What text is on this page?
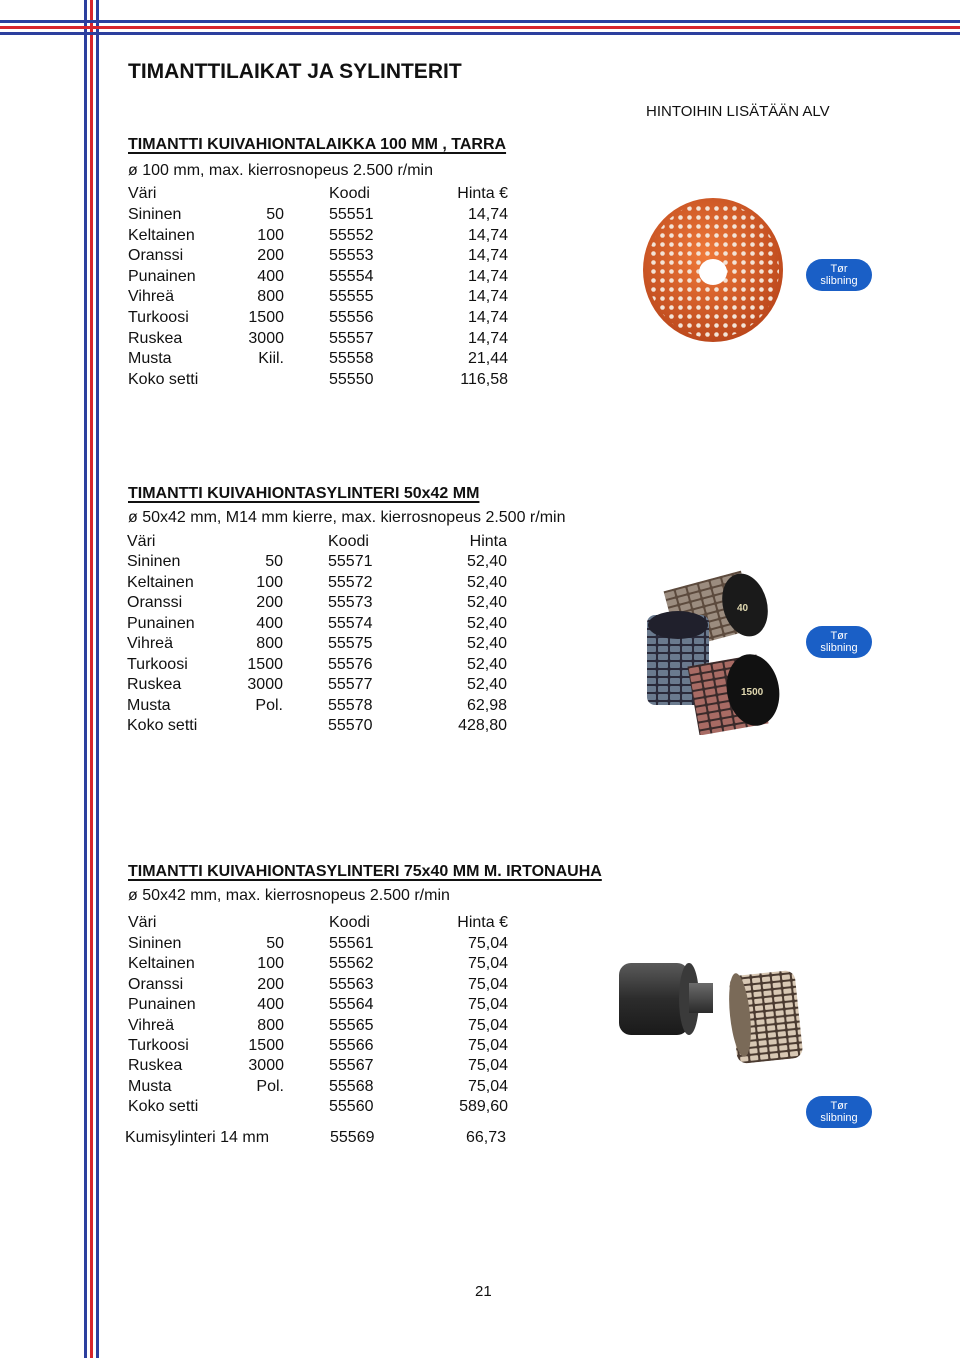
TIMANTTILAIKAT JA SYLINTERIT
HINTOIHIN LISÄTÄÄN ALV
TIMANTTI KUIVAHIONTALAIKKA 100 MM , TARRA
ø 100 mm, max. kierrosnopeus 2.500 r/min
Väri	Koodi	Hinta €
Sininen	50	55551	14,74
Keltainen	100	55552	14,74
Oranssi	200	55553	14,74
Punainen	400	55554	14,74
Vihreä	800	55555	14,74
Turkoosi	1500	55556	14,74
Ruskea	3000	55557	14,74
Musta	Kiil.	55558	21,44
Koko setti	55550	116,58
Tør
slibning
TIMANTTI KUIVAHIONTASYLINTERI 50x42 MM
ø 50x42 mm, M14 mm kierre, max. kierrosnopeus 2.500 r/min
Väri	Koodi	Hinta
Sininen	50	55571	52,40
Keltainen	100	55572	52,40
Oranssi	200	55573	52,40
Punainen	400	55574	52,40
Vihreä	800	55575	52,40
Turkoosi	1500	55576	52,40
Ruskea	3000	55577	52,40
Musta	Pol.	55578	62,98
Koko setti	55570	428,80
40
1500
Tør
slibning
TIMANTTI KUIVAHIONTASYLINTERI 75x40 MM M. IRTONAUHA
ø 50x42 mm, max. kierrosnopeus 2.500 r/min
Väri	Koodi	Hinta €
Sininen	50	55561	75,04
Keltainen	100	55562	75,04
Oranssi	200	55563	75,04
Punainen	400	55564	75,04
Vihreä	800	55565	75,04
Turkoosi	1500	55566	75,04
Ruskea	3000	55567	75,04
Musta	Pol.	55568	75,04
Koko setti	55560	589,60
Kumisylinteri 14 mm	55569	66,73
Tør
slibning
21
